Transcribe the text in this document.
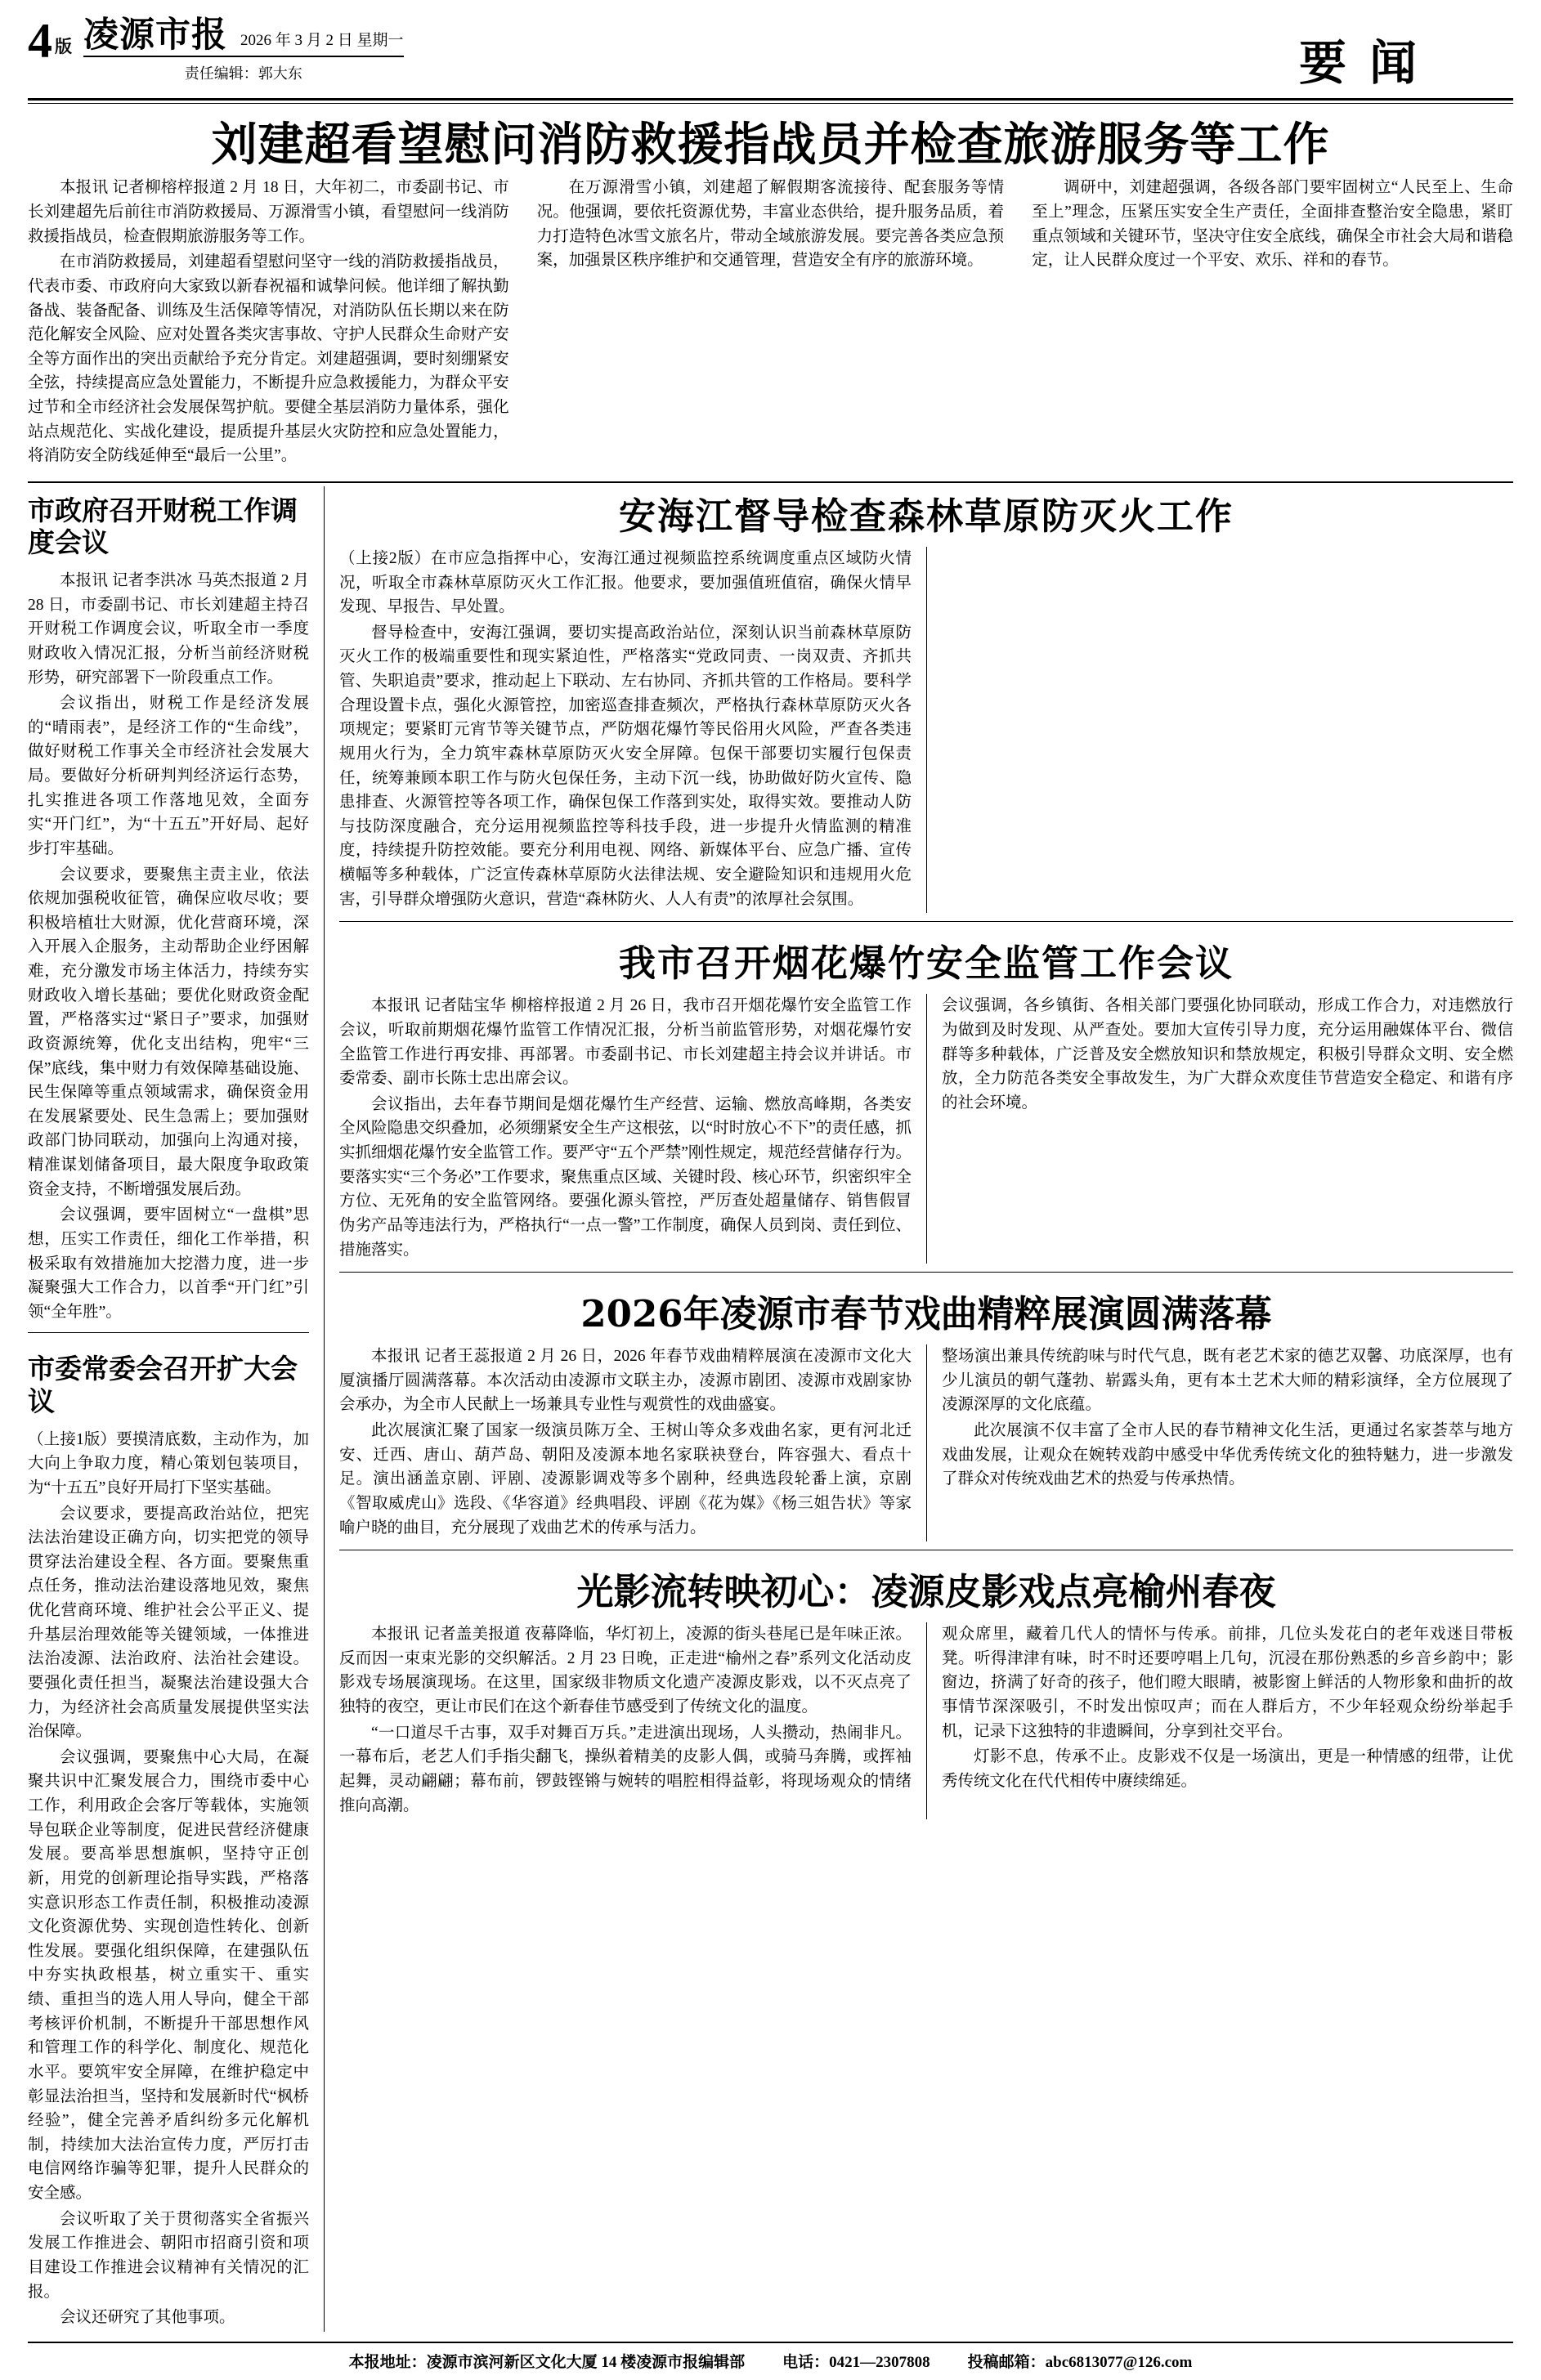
4 版 凌源市报 2026 年 3 月 2 日 星期一
责任编辑：郭大东	要闻
刘建超看望慰问消防救援指战员并检查旅游服务等工作

本报讯 记者柳榕梓报道 2 月 18 日，大年初二，市委副书记、市长刘建超先后前往市消防救援局、万源滑雪小镇，看望慰问一线消防救援指战员，检查假期旅游服务等工作。

在市消防救援局，刘建超看望慰问坚守一线的消防救援指战员，代表市委、市政府向大家致以新春祝福和诚挚问候。他详细了解执勤备战、装备配备、训练及生活保障等情况，对消防队伍长期以来在防范化解安全风险、应对处置各类灾害事故、守护人民群众生命财产安全等方面作出的突出贡献给予充分肯定。刘建超强调，要时刻绷紧安全弦，持续提高应急处置能力，不断提升应急救援能力，为群众平安过节和全市经济社会发展保驾护航。要健全基层消防力量体系，强化站点规范化、实战化建设，提质提升基层火灾防控和应急处置能力，将消防安全防线延伸至“最后一公里”。

在万源滑雪小镇，刘建超了解假期客流接待、配套服务等情况。他强调，要依托资源优势，丰富业态供给，提升服务品质，着力打造特色冰雪文旅名片，带动全域旅游发展。要完善各类应急预案，加强景区秩序维护和交通管理，营造安全有序的旅游环境。

调研中，刘建超强调，各级各部门要牢固树立“人民至上、生命至上”理念，压紧压实安全生产责任，全面排查整治安全隐患，紧盯重点领域和关键环节，坚决守住安全底线，确保全市社会大局和谐稳定，让人民群众度过一个平安、欢乐、祥和的春节。

市政府召开财税工作调度会议

本报讯 记者李洪冰 马英杰报道 2 月 28 日，市委副书记、市长刘建超主持召开财税工作调度会议，听取全市一季度财政收入情况汇报，分析当前经济财税形势，研究部署下一阶段重点工作。

会议指出，财税工作是经济发展的“晴雨表”，是经济工作的“生命线”，做好财税工作事关全市经济社会发展大局。要做好分析研判判经济运行态势，扎实推进各项工作落地见效，全面夯实“开门红”，为“十五五”开好局、起好步打牢基础。

会议要求，要聚焦主责主业，依法依规加强税收征管，确保应收尽收；要积极培植壮大财源，优化营商环境，深入开展入企服务，主动帮助企业纾困解难，充分激发市场主体活力，持续夯实财政收入增长基础；要优化财政资金配置，严格落实过“紧日子”要求，加强财政资源统筹，优化支出结构，兜牢“三保”底线，集中财力有效保障基础设施、民生保障等重点领域需求，确保资金用在发展紧要处、民生急需上；要加强财政部门协同联动，加强向上沟通对接，精准谋划储备项目，最大限度争取政策资金支持，不断增强发展后劲。

会议强调，要牢固树立“一盘棋”思想，压实工作责任，细化工作举措，积极采取有效措施加大挖潜力度，进一步凝聚强大工作合力，以首季“开门红”引领“全年胜”。

市委常委会召开扩大会议

（上接1版）要摸清底数，主动作为，加大向上争取力度，精心策划包装项目，为“十五五”良好开局打下坚实基础。

会议要求，要提高政治站位，把宪法法治建设正确方向，切实把党的领导贯穿法治建设全程、各方面。要聚焦重点任务，推动法治建设落地见效，聚焦优化营商环境、维护社会公平正义、提升基层治理效能等关键领域，一体推进法治凌源、法治政府、法治社会建设。要强化责任担当，凝聚法治建设强大合力，为经济社会高质量发展提供坚实法治保障。

会议强调，要聚焦中心大局，在凝聚共识中汇聚发展合力，围绕市委中心工作，利用政企会客厅等载体，实施领导包联企业等制度，促进民营经济健康发展。要高举思想旗帜，坚持守正创新，用党的创新理论指导实践，严格落实意识形态工作责任制，积极推动凌源文化资源优势、实现创造性转化、创新性发展。要强化组织保障，在建强队伍中夯实执政根基，树立重实干、重实绩、重担当的选人用人导向，健全干部考核评价机制，不断提升干部思想作风和管理工作的科学化、制度化、规范化水平。要筑牢安全屏障，在维护稳定中彰显法治担当，坚持和发展新时代“枫桥经验”，健全完善矛盾纠纷多元化解机制，持续加大法治宣传力度，严厉打击电信网络诈骗等犯罪，提升人民群众的安全感。

会议听取了关于贯彻落实全省振兴发展工作推进会、朝阳市招商引资和项目建设工作推进会议精神有关情况的汇报。

会议还研究了其他事项。

安海江督导检查森林草原防灭火工作

（上接2版）在市应急指挥中心，安海江通过视频监控系统调度重点区域防火情况，听取全市森林草原防灭火工作汇报。他要求，要加强值班值宿，确保火情早发现、早报告、早处置。

督导检查中，安海江强调，要切实提高政治站位，深刻认识当前森林草原防灭火工作的极端重要性和现实紧迫性，严格落实“党政同责、一岗双责、齐抓共管、失职追责”要求，推动起上下联动、左右协同、齐抓共管的工作格局。要科学合理设置卡点，强化火源管控，加密巡查排查频次，严格执行森林草原防灭火各项规定；要紧盯元宵节等关键节点，严防烟花爆竹等民俗用火风险，严查各类违规用火行为，全力筑牢森林草原防灭火安全屏障。包保干部要切实履行包保责任，统筹兼顾本职工作与防火包保任务，主动下沉一线，协助做好防火宣传、隐患排查、火源管控等各项工作，确保包保工作落到实处，取得实效。要推动人防与技防深度融合，充分运用视频监控等科技手段，进一步提升火情监测的精准度，持续提升防控效能。要充分利用电视、网络、新媒体平台、应急广播、宣传横幅等多种载体，广泛宣传森林草原防火法律法规、安全避险知识和违规用火危害，引导群众增强防火意识，营造“森林防火、人人有责”的浓厚社会氛围。

我市召开烟花爆竹安全监管工作会议

本报讯 记者陆宝华 柳榕梓报道 2 月 26 日，我市召开烟花爆竹安全监管工作会议，听取前期烟花爆竹监管工作情况汇报，分析当前监管形势，对烟花爆竹安全监管工作进行再安排、再部署。市委副书记、市长刘建超主持会议并讲话。市委常委、副市长陈士忠出席会议。

会议指出，去年春节期间是烟花爆竹生产经营、运输、燃放高峰期，各类安全风险隐患交织叠加，必须绷紧安全生产这根弦，以“时时放心不下”的责任感，抓实抓细烟花爆竹安全监管工作。要严守“五个严禁”刚性规定，规范经营储存行为。要落实实“三个务必”工作要求，聚焦重点区域、关键时段、核心环节，织密织牢全方位、无死角的安全监管网络。要强化源头管控，严厉查处超量储存、销售假冒伪劣产品等违法行为，严格执行“一点一警”工作制度，确保人员到岗、责任到位、措施落实。

会议强调，各乡镇街、各相关部门要强化协同联动，形成工作合力，对违燃放行为做到及时发现、从严查处。要加大宣传引导力度，充分运用融媒体平台、微信群等多种载体，广泛普及安全燃放知识和禁放规定，积极引导群众文明、安全燃放，全力防范各类安全事故发生，为广大群众欢度佳节营造安全稳定、和谐有序的社会环境。

2026年凌源市春节戏曲精粹展演圆满落幕

本报讯 记者王蕊报道 2 月 26 日，2026 年春节戏曲精粹展演在凌源市文化大厦演播厅圆满落幕。本次活动由凌源市文联主办，凌源市剧团、凌源市戏剧家协会承办，为全市人民献上一场兼具专业性与观赏性的戏曲盛宴。

此次展演汇聚了国家一级演员陈万全、王树山等众多戏曲名家，更有河北迁安、迁西、唐山、葫芦岛、朝阳及凌源本地名家联袂登台，阵容强大、看点十足。演出涵盖京剧、评剧、凌源影调戏等多个剧种，经典选段轮番上演，京剧《智取威虎山》选段、《华容道》经典唱段、评剧《花为媒》《杨三姐告状》等家喻户晓的曲目，充分展现了戏曲艺术的传承与活力。

整场演出兼具传统韵味与时代气息，既有老艺术家的德艺双馨、功底深厚，也有少儿演员的朝气蓬勃、崭露头角，更有本土艺术大师的精彩演绎，全方位展现了凌源深厚的文化底蕴。

此次展演不仅丰富了全市人民的春节精神文化生活，更通过名家荟萃与地方戏曲发展，让观众在婉转戏韵中感受中华优秀传统文化的独特魅力，进一步激发了群众对传统戏曲艺术的热爱与传承热情。

光影流转映初心：凌源皮影戏点亮榆州春夜

本报讯 记者盖美报道 夜幕降临，华灯初上，凌源的街头巷尾已是年味正浓。反而因一束束光影的交织解活。2 月 23 日晚，正走进“榆州之春”系列文化活动皮影戏专场展演现场。在这里，国家级非物质文化遗产凌源皮影戏，以不灭点亮了独特的夜空，更让市民们在这个新春佳节感受到了传统文化的温度。

“一口道尽千古事，双手对舞百万兵。”走进演出现场，人头攒动，热闹非凡。一幕布后，老艺人们手指尖翻飞，操纵着精美的皮影人偶，或骑马奔腾，或挥袖起舞，灵动翩翩；幕布前，锣鼓铿锵与婉转的唱腔相得益彰，将现场观众的情绪推向高潮。

观众席里，藏着几代人的情怀与传承。前排，几位头发花白的老年戏迷目带板凳。听得津津有味，时不时还要哼唱上几句，沉浸在那份熟悉的乡音乡韵中；影窗边，挤满了好奇的孩子，他们瞪大眼睛，被影窗上鲜活的人物形象和曲折的故事情节深深吸引，不时发出惊叹声；而在人群后方，不少年轻观众纷纷举起手机，记录下这独特的非遗瞬间，分享到社交平台。

灯影不息，传承不止。皮影戏不仅是一场演出，更是一种情感的纽带，让优秀传统文化在代代相传中赓续绵延。

本报地址：凌源市滨河新区文化大厦 14 楼凌源市报编辑部 电话：0421—2307808 投稿邮箱：abc6813077@126.com
